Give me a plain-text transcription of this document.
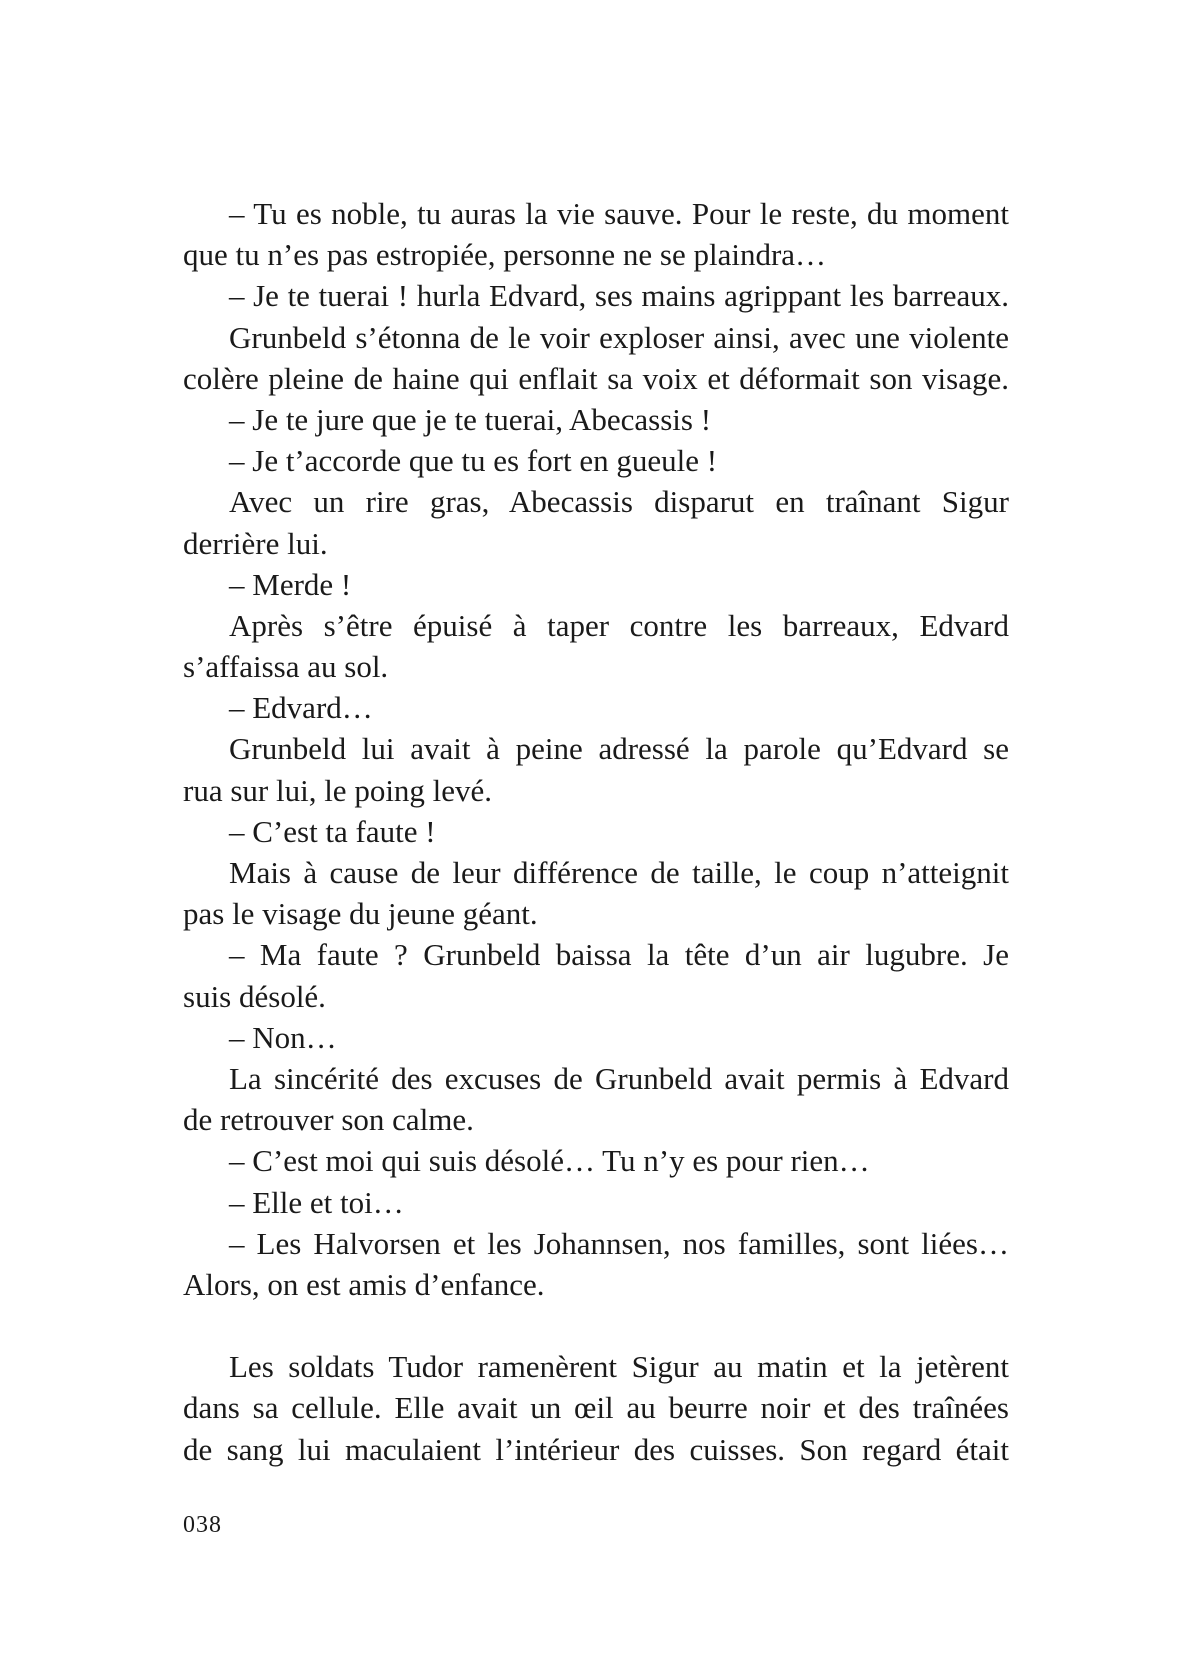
– Tu es noble, tu auras la vie sauve. Pour le reste, du moment
que tu n’es pas estropiée, personne ne se plaindra…
– Je te tuerai ! hurla Edvard, ses mains agrippant les barreaux.
Grunbeld s’étonna de le voir exploser ainsi, avec une violente
colère pleine de haine qui enflait sa voix et déformait son visage.
– Je te jure que je te tuerai, Abecassis !
– Je t’accorde que tu es fort en gueule !
Avec un rire gras, Abecassis disparut en traînant Sigur
derrière lui.
– Merde !
Après s’être épuisé à taper contre les barreaux, Edvard
s’affaissa au sol.
– Edvard…
Grunbeld lui avait à peine adressé la parole qu’Edvard se
rua sur lui, le poing levé.
– C’est ta faute !
Mais à cause de leur différence de taille, le coup n’atteignit
pas le visage du jeune géant.
– Ma faute ? Grunbeld baissa la tête d’un air lugubre. Je
suis désolé.
– Non…
La sincérité des excuses de Grunbeld avait permis à Edvard
de retrouver son calme.
– C’est moi qui suis désolé… Tu n’y es pour rien…
– Elle et toi…
– Les Halvorsen et les Johannsen, nos familles, sont liées…
Alors, on est amis d’enfance.
Les soldats Tudor ramenèrent Sigur au matin et la jetèrent
dans sa cellule. Elle avait un œil au beurre noir et des traînées
de sang lui maculaient l’intérieur des cuisses. Son regard était
038
